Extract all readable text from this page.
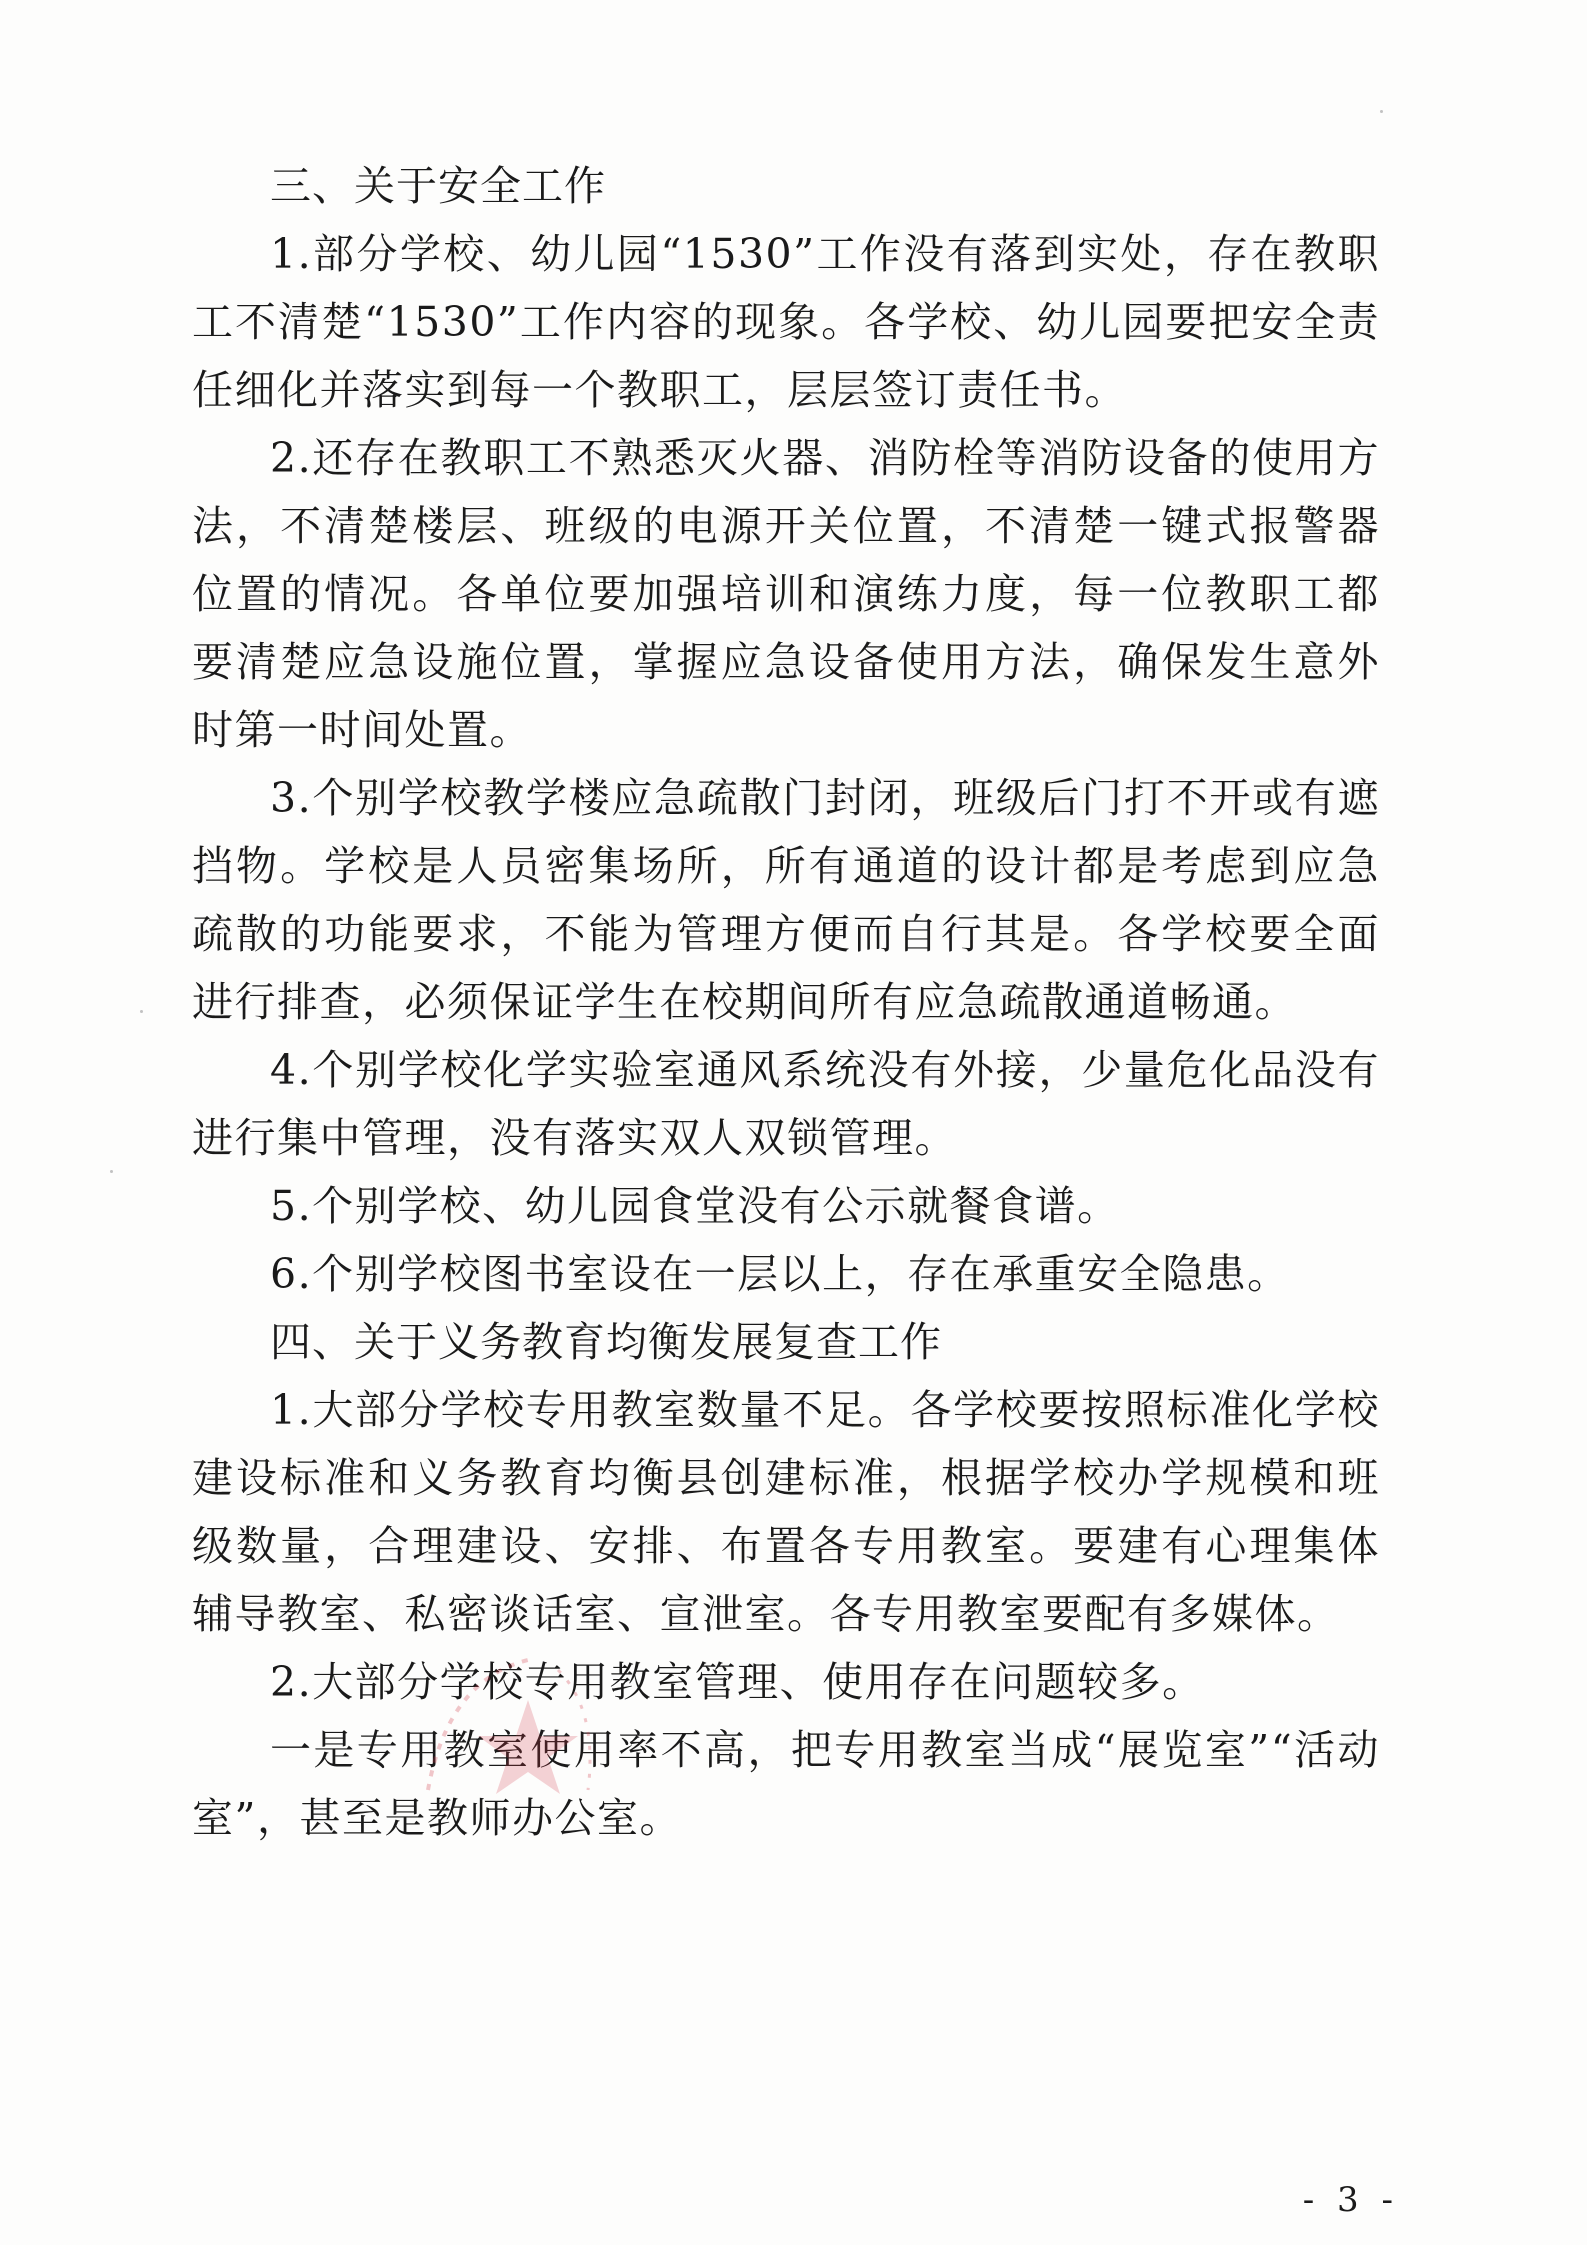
三、关于安全工作

1.部分学校、幼儿园“1530”工作没有落到实处，存在教职工不清楚“1530”工作内容的现象。各学校、幼儿园要把安全责任细化并落实到每一个教职工，层层签订责任书。

2.还存在教职工不熟悉灭火器、消防栓等消防设备的使用方法，不清楚楼层、班级的电源开关位置，不清楚一键式报警器位置的情况。各单位要加强培训和演练力度，每一位教职工都要清楚应急设施位置，掌握应急设备使用方法，确保发生意外时第一时间处置。

3.个别学校教学楼应急疏散门封闭，班级后门打不开或有遮挡物。学校是人员密集场所，所有通道的设计都是考虑到应急疏散的功能要求，不能为管理方便而自行其是。各学校要全面进行排查，必须保证学生在校期间所有应急疏散通道畅通。

4.个别学校化学实验室通风系统没有外接，少量危化品没有进行集中管理，没有落实双人双锁管理。

5.个别学校、幼儿园食堂没有公示就餐食谱。

6.个别学校图书室设在一层以上，存在承重安全隐患。

四、关于义务教育均衡发展复查工作

1.大部分学校专用教室数量不足。各学校要按照标准化学校建设标准和义务教育均衡县创建标准，根据学校办学规模和班级数量，合理建设、安排、布置各专用教室。要建有心理集体辅导教室、私密谈话室、宣泄室。各专用教室要配有多媒体。

2.大部分学校专用教室管理、使用存在问题较多。

一是专用教室使用率不高，把专用教室当成“展览室”“活动室”，甚至是教师办公室。

- 3 -
